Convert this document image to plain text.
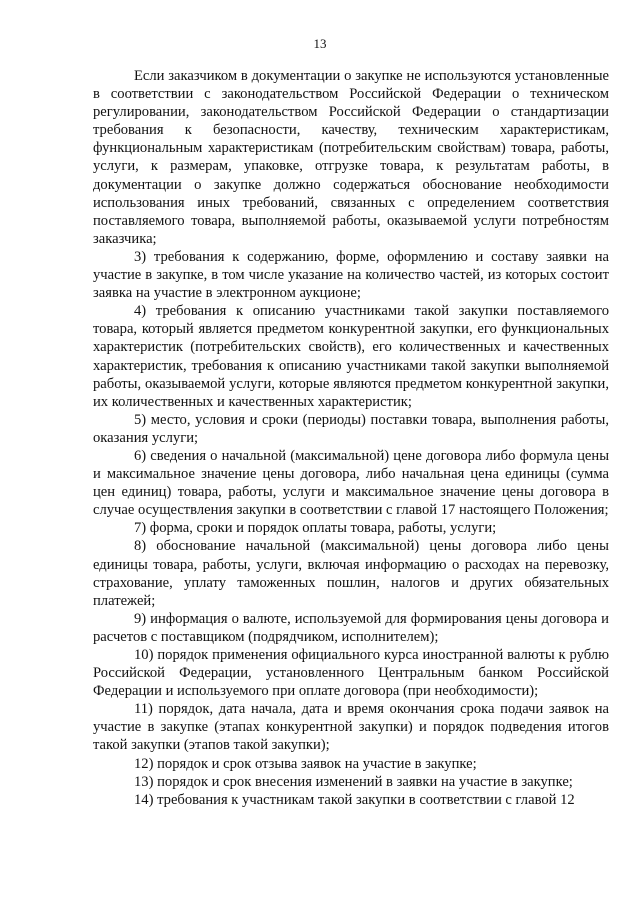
13

Если заказчиком в документации о закупке не используются установленные в соответствии с законодательством Российской Федерации о техническом регулировании, законодательством Российской Федерации о стандартизации требования к безопасности, качеству, техническим характеристикам, функциональным характеристикам (потребительским свойствам) товара, работы, услуги, к размерам, упаковке, отгрузке товара, к результатам работы, в документации о закупке должно содержаться обоснование необходимости использования иных требований, связанных с определением соответствия поставляемого товара, выполняемой работы, оказываемой услуги потребностям заказчика;

3) требования к содержанию, форме, оформлению и составу заявки на участие в закупке, в том числе указание на количество частей, из которых состоит заявка на участие в электронном аукционе;

4) требования к описанию участниками такой закупки поставляемого товара, который является предметом конкурентной закупки, его функциональных характеристик (потребительских свойств), его количественных и качественных характеристик, требования к описанию участниками такой закупки выполняемой работы, оказываемой услуги, которые являются предметом конкурентной закупки, их количественных и качественных характеристик;

5) место, условия и сроки (периоды) поставки товара, выполнения работы, оказания услуги;

6) сведения о начальной (максимальной) цене договора либо формула цены и максимальное значение цены договора, либо начальная цена единицы (сумма цен единиц) товара, работы, услуги и максимальное значение цены договора в случае осуществления закупки в соответствии с главой 17 настоящего Положения;

7) форма, сроки и порядок оплаты товара, работы, услуги;

8) обоснование начальной (максимальной) цены договора либо цены единицы товара, работы, услуги, включая информацию о расходах на перевозку, страхование, уплату таможенных пошлин, налогов и других обязательных платежей;

9) информация о валюте, используемой для формирования цены договора и расчетов с поставщиком (подрядчиком, исполнителем);

10) порядок применения официального курса иностранной валюты к рублю Российской Федерации, установленного Центральным банком Российской Федерации и используемого при оплате договора (при необходимости);

11) порядок, дата начала, дата и время окончания срока подачи заявок на участие в закупке (этапах конкурентной закупки) и порядок подведения итогов такой закупки (этапов такой закупки);

12) порядок и срок отзыва заявок на участие в закупке;

13) порядок и срок внесения изменений в заявки на участие в закупке;

14) требования к участникам такой закупки в соответствии с главой 12
